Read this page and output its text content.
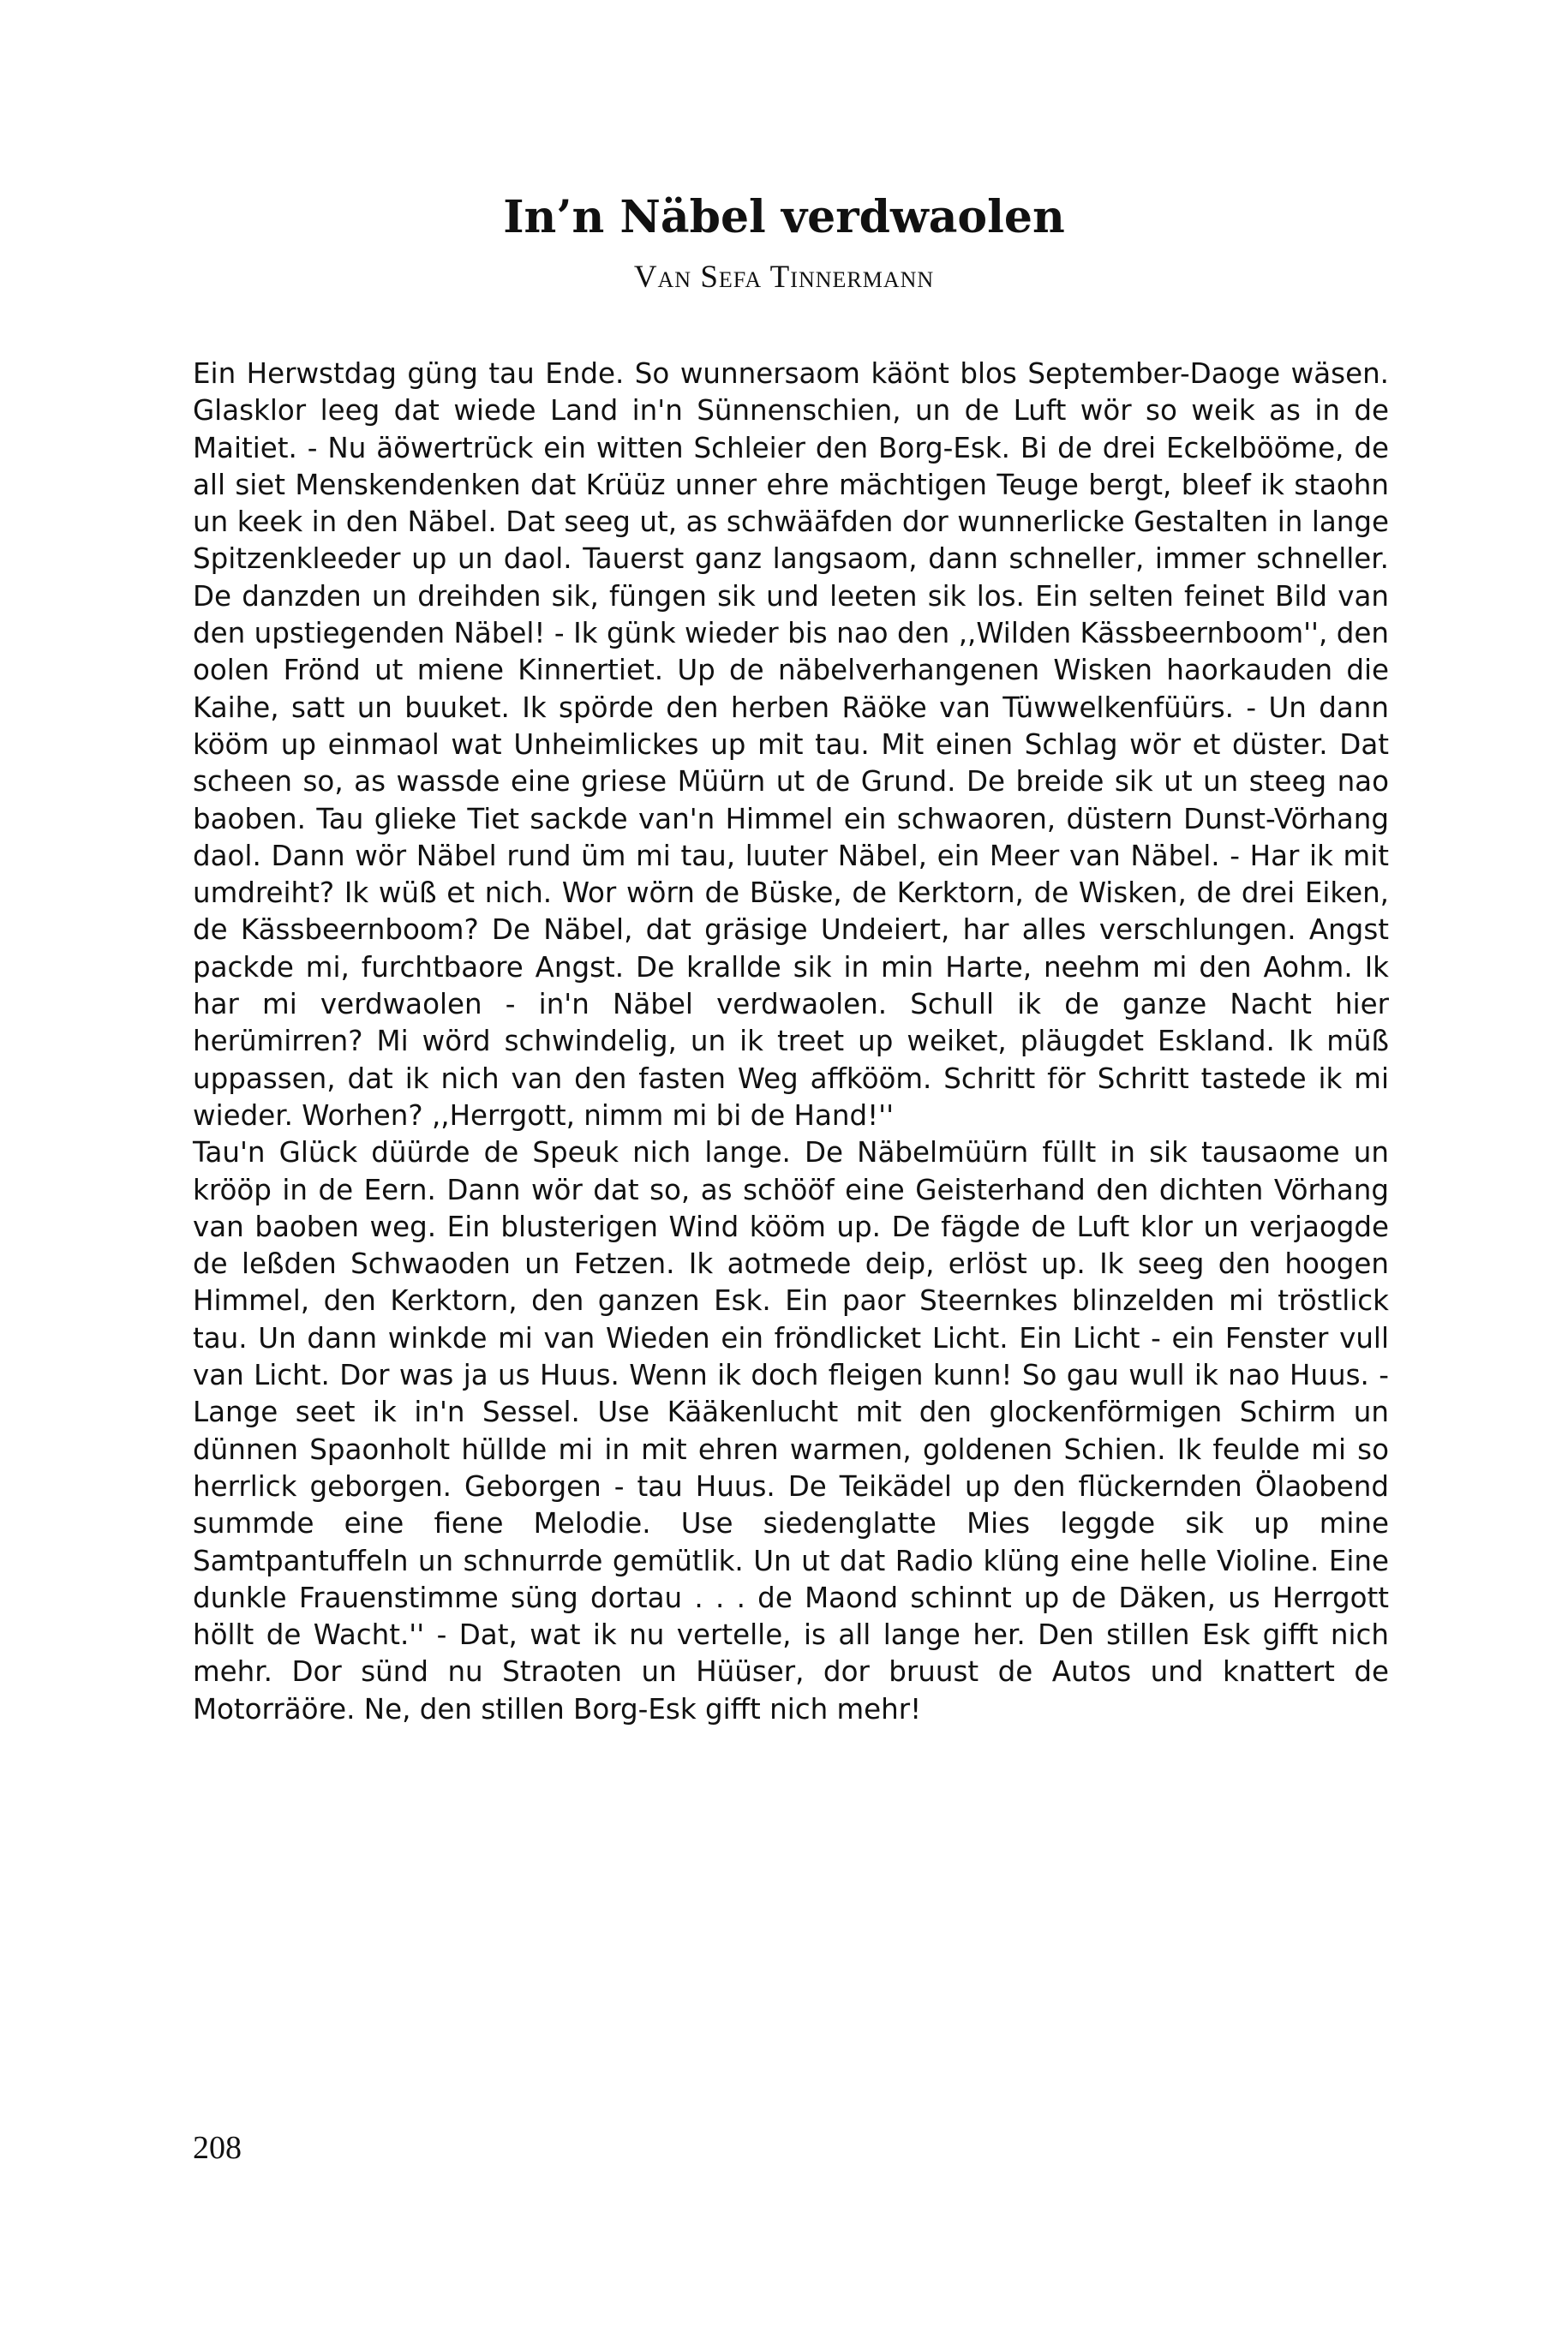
In’n Näbel verdwaolen
Van Sefa Tinnermann

Ein Herwstdag güng tau Ende. So wunnersaom käönt blos September-Daoge wäsen. Glasklor leeg dat wiede Land in'n Sünnenschien, un de Luft wör so weik as in de Maitiet. - Nu äöwertrück ein witten Schleier den Borg-Esk. Bi de drei Eckelbööme, de all siet Menskendenken dat Krüüz unner ehre mächtigen Teuge bergt, bleef ik staohn un keek in den Näbel. Dat seeg ut, as schwääfden dor wunnerlicke Gestalten in lange Spitzenkleeder up un daol. Tauerst ganz langsaom, dann schneller, immer schneller. De danzden un dreihden sik, füngen sik und leeten sik los. Ein selten feinet Bild van den upstiegenden Näbel! - Ik günk wieder bis nao den ,,Wilden Kässbeernboom'', den oolen Frönd ut miene Kinnertiet. Up de näbelverhangenen Wisken haorkauden die Kaihe, satt un buuket. Ik spörde den herben Räöke van Tüwwelkenfüürs. - Un dann kööm up einmaol wat Unheimlickes up mit tau. Mit einen Schlag wör et düster. Dat scheen so, as wassde eine griese Müürn ut de Grund. De breide sik ut un steeg nao baoben. Tau glieke Tiet sackde van'n Himmel ein schwaoren, düstern Dunst-Vörhang daol. Dann wör Näbel rund üm mi tau, luuter Näbel, ein Meer van Näbel. - Har ik mit umdreiht? Ik wüß et nich. Wor wörn de Büske, de Kerktorn, de Wisken, de drei Eiken, de Kässbeernboom? De Näbel, dat gräsige Undeiert, har alles verschlungen. Angst packde mi, furchtbaore Angst. De kralldе sik in min Harte, neehm mi den Aohm. Ik har mi verdwaolen - in'n Näbel verdwaolen. Schull ik de ganze Nacht hier herümirren? Mi wörd schwindelig, un ik treet up weiket, pläugdet Eskland. Ik müß uppassen, dat ik nich van den fasten Weg affkööm. Schritt för Schritt tastede ik mi wieder. Worhen? ,,Herrgott, nimm mi bi de Hand!''

Tau'n Glück düürde de Speuk nich lange. De Näbelmüürn füllt in sik tausaome un krööp in de Eern. Dann wör dat so, as schööf eine Geisterhand den dichten Vörhang van baoben weg. Ein blusterigen Wind kööm up. De fägde de Luft klor un verjaogde de leßden Schwaoden un Fetzen. Ik aotmede deip, erlöst up. Ik seeg den hoogen Himmel, den Kerktorn, den ganzen Esk. Ein paor Steernkes blinzelden mi tröstlick tau. Un dann winkde mi van Wieden ein fröndlicket Licht. Ein Licht - ein Fenster vull van Licht. Dor was ja us Huus. Wenn ik doch fleigen kunn! So gau wull ik nao Huus. - Lange seet ik in'n Sessel. Use Kääkenlucht mit den glockenförmigen Schirm un dünnen Spaonholt hüllde mi in mit ehren warmen, goldenen Schien. Ik feulde mi so herrlick geborgen. Geborgen - tau Huus. De Teikädel up den flückernden Ölaobend summde eine fiene Melodie. Use siedenglatte Mies leggde sik up mine Samtpantuffeln un schnurrde gemütlik. Un ut dat Radio klüng eine helle Violine. Eine dunkle Frauenstimme süng dortau . . . de Maond schinnt up de Däken, us Herrgott höllt de Wacht.'' - Dat, wat ik nu vertelle, is all lange her. Den stillen Esk gifft nich mehr. Dor sünd nu Straoten un Hüüser, dor bruust de Autos und knattert de Motorräöre. Ne, den stillen Borg-Esk gifft nich mehr!

208
